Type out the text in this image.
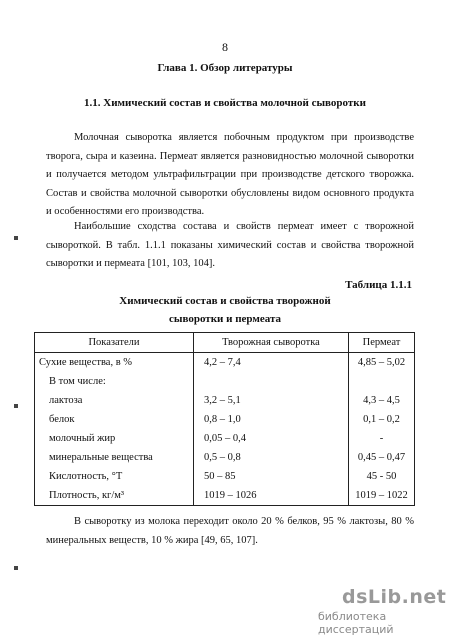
8
Глава 1. Обзор литературы
1.1. Химический состав и свойства молочной сыворотки
Молочная сыворотка является побочным продуктом при производстве творога, сыра и казеина. Пермеат является разновидностью молочной сыворотки и получается методом ультрафильтрации при производстве детского творожка. Состав и свойства молочной сыворотки обусловлены видом основного продукта и особенностями его производства.
Наибольшие сходства состава и свойств пермеат имеет с творожной сывороткой. В табл. 1.1.1 показаны химический состав и свойства творожной сыворотки и пермеата [101, 103, 104].
Таблица 1.1.1
Химический состав и свойства творожной
сыворотки и пермеата
Показатели	Творожная сыворотка	Пермеат
Сухие вещества, в %	4,2 – 7,4	4,85 – 5,02
В том числе:		
лактоза	3,2 – 5,1	4,3 – 4,5
белок	0,8 – 1,0	0,1 – 0,2
молочный жир	0,05 – 0,4	-
минеральные вещества	0,5 – 0,8	0,45 – 0,47
Кислотность, °Т	50 – 85	45 - 50
Плотность, кг/м³	1019 – 1026	1019 – 1022
В сыворотку из молока переходит около 20 % белков, 95 % лактозы, 80 % минеральных веществ, 10 % жира [49, 65, 107].
dsLib.net
библиотека диссертаций
